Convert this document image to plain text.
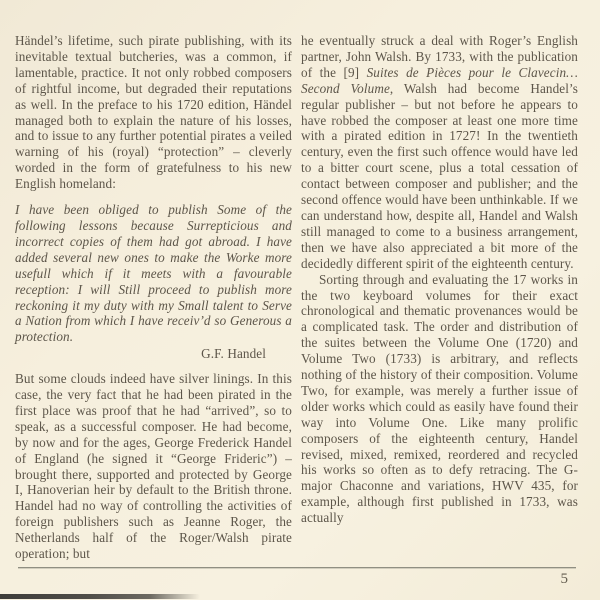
Händel’s lifetime, such pirate publishing, with its inevitable textual butcheries, was a common, if lamentable, practice. It not only robbed composers of rightful income, but degraded their reputations as well. In the preface to his 1720 edition, Händel managed both to explain the nature of his losses, and to issue to any further potential pirates a veiled warning of his (royal) “protection” – cleverly worded in the form of gratefulness to his new English homeland:

I have been obliged to publish Some of the following lessons because Surrepticious and incorrect copies of them had got abroad. I have added several new ones to make the Worke more usefull which if it meets with a favourable reception: I will Still proceed to publish more reckoning it my duty with my Small talent to Serve a Nation from which I have receiv’d so Generous a protection.

G.F. Handel

But some clouds indeed have silver linings. In this case, the very fact that he had been pirated in the first place was proof that he had “arrived”, so to speak, as a successful composer. He had become, by now and for the ages, George Frederick Handel of England (he signed it “George Frideric”) – brought there, supported and protected by George I, Hanoverian heir by default to the British throne. Handel had no way of controlling the activities of foreign publishers such as Jeanne Roger, the Netherlands half of the Roger/Walsh pirate operation; but

he eventually struck a deal with Roger’s English partner, John Walsh. By 1733, with the publication of the [9] Suites de Pièces pour le Clavecin… Second Volume, Walsh had become Handel’s regular publisher – but not before he appears to have robbed the composer at least one more time with a pirated edition in 1727! In the twentieth century, even the first such offence would have led to a bitter court scene, plus a total cessation of contact between composer and publisher; and the second offence would have been unthinkable. If we can understand how, despite all, Handel and Walsh still managed to come to a business arrangement, then we have also appreciated a bit more of the decidedly different spirit of the eighteenth century.

Sorting through and evaluating the 17 works in the two keyboard volumes for their exact chronological and thematic provenances would be a complicated task. The order and distribution of the suites between the Volume One (1720) and Volume Two (1733) is arbitrary, and reflects nothing of the history of their composition. Volume Two, for example, was merely a further issue of older works which could as easily have found their way into Volume One. Like many prolific composers of the eighteenth century, Handel revised, mixed, remixed, reordered and recycled his works so often as to defy retracing. The G-major Chaconne and variations, HWV 435, for example, although first published in 1733, was actually

5
